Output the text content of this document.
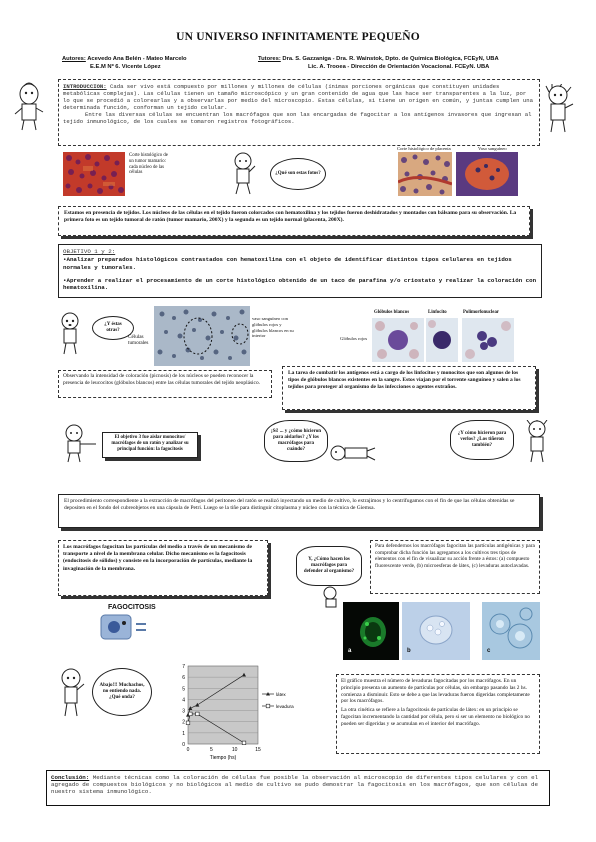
UN UNIVERSO INFINITAMENTE PEQUEÑO
Autores: Acevedo Ana Belén - Mateo Marcelo
E.E.M Nº 6. Vicente López
Tutores: Dra. S. Gazzaniga - Dra. R. Wainstok, Dpto. de Química Biológica, FCEyN, UBA
Lic. A. Trooea - Dirección de Orientación Vocacional. FCEyN. UBA
INTRODUCCION: Cada ser vivo está compuesto por millones y millones de células (ínimas porciones orgánicas que constituyen unidades metabólicas complejas). Las células tienen un tamaño microscópico y un gran contenido de agua que las hace ser transparentes a la luz, por lo que se procedió a colorearlas y a observarlas por medio del microscopio. Estas células, si tiene un origen en común, y juntas cumplen una determinada función, conforman un tejido celular.
Entre las diversas células se encuentran los macrófagos que son las encargadas de fagocitar a los antígenos invasores que ingresan al tejido inmunológico, de los cuales se tomaron registros fotográficos.
Corte histológico de un tumor mamario: cada núcleo de las células	¿Qué son estas fotos?
Corte histológico de placenta	Vaso sanguíneo
Estamos en presencia de tejidos. Los núcleos de las células en el tejido fueron colorcados con hematoxilina y los tejidos fueron deshidratados y montados con bálsamo para su observación. La primera foto es un tejido tumoral de ratón (tumor mamario, 200X) y la segunda es un tejido normal (placenta, 200X).
OBJETIVO 1 y 2:
•Analizar preparados histológicos contrastados con hematoxilina con el objeto de identificar distintos tipos celulares en tejidos normales y tumorales.
•Aprender a realizar el procesamiento de un corte histológico obtenido de un taco de parafina y/o criostato y realizar la coloración con hematoxilina.
¿Y éstas otras?
Células tumorales
vaso sanguíneo con glóbulos rojos y glóbulos blancos en su interior
Glóbulos blancos	Linfocito	Polimorfonuclear
Glóbulos rojos
Observando la intensidad de coloración (picnosis) de los núcleos se pueden reconocer la presencia de leucocitos (glóbulos blancos) entre las células tumorales del tejido neoplásico.
La tarea de combatir los antígenos está a cargo de los linfocitos y monocitos que son algunos de los tipos de glóbulos blancos existentes en la sangre. Estos viajan por el torrente sanguíneo y salen a los tejidos para proteger al organismo de las infecciones o agentes extraños.
El objetivo 3 fue aislar monocitos/ macrófagos de un ratón y analizar su principal función: la fagocitosis
¡Sí! ... y ¿cómo hicieron para aislarlos? ¿Y los macrófagos para cuándo?
¿Y cómo hicieron para verlos? ¿Los tiñeron también?
El procedimiento correspondiente a la extracción de macrófagos del peritoneo del ratón se realizó inyectando un medio de cultivo, lo extrajimos y lo centrifugamos con el fin de que las células obtenidas se depositen en el fondo del cubreobjetos en una cápsula de Petri. Luego se la tiñe para distinguir citoplasma y núcleo con la técnica de Giemsa.
Los macrófagos fagocitan las partículas del medio a través de un mecanismo de transporte a nivel de la membrana celular. Dicho mecanismo es la fagocitosis (endocitosis de sólidos) y consiste en la incorporación de partículas, mediante la invaginación de la membrana.
Y, ¿Cómo hacen los macrófagos para defender al organismo?
Para defendernos los macrófagos fagocitan las partículas antigénicas y para comprobar dicha función las agregamos a los cultivos tres tipos de elementos con el fin de visualizar su acción frente a éstos: (a) compuesto fluorescente verde, (b) microesferas de látex, (c) levaduras autoclavadas.
FAGOCITOSIS
a	b	c
Abajo!!! Muchachos, no entiendo nada. ¿Qué onda?
0
1
2
3
4
5
6
7
0	5	10	15
Tiempo (hs)
látex
levadura
El gráfico muestra el número de levaduras fagocitadas por los macrófagos. En un principio presenta un aumento de partículas por células, sin embargo pasando las 2 hs. comienza a disminuir. Esto se debe a que las levaduras fueron digeridas completamente por los macrófagos.
La otra cinética se refiere a la fagocitosis de partículas de látex: en un principio se fagocitan incrementando la cantidad por célula, pero si ser un elemento no biológico no pueden ser digeridas y se acumulan en el interior del macrófago.
Conclusión: Mediante técnicas como la coloración de células fue posible la observación al microscopio de diferentes tipos celulares y con el agregado de compuestos biológicos y no biológicos al medio de cultivo se pudo demostrar la fagocitosis en los macrófagos, que son células de nuestro sistema inmunológico.
